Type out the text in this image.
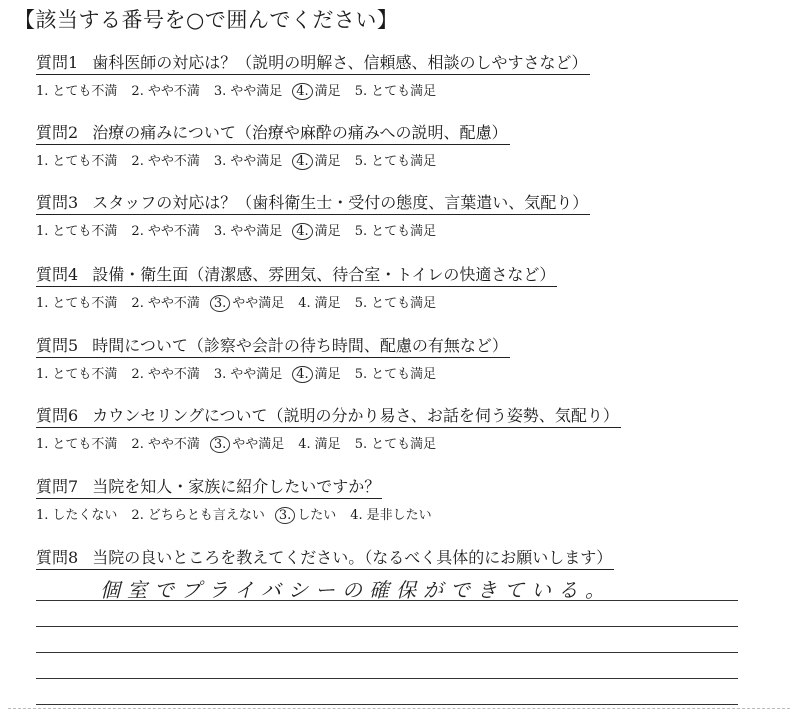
【該当する番号を○で囲んでください】
質問1 歯科医師の対応は？（説明の明解さ、信頼感、相談のしやすさなど）
1. とても不満 2. やや不満 3. やや満足 4. 満足 5. とても満足
質問2 治療の痛みについて（治療や麻酔の痛みへの説明、配慮）
1. とても不満 2. やや不満 3. やや満足 4. 満足 5. とても満足
質問3 スタッフの対応は？（歯科衛生士・受付の態度、言葉遣い、気配り）
1. とても不満 2. やや不満 3. やや満足 4. 満足 5. とても満足
質問4 設備・衛生面（清潔感、雰囲気、待合室・トイレの快適さなど）
1. とても不満 2. やや不満 3. やや満足 4. 満足 5. とても満足
質問5 時間について（診察や会計の待ち時間、配慮の有無など）
1. とても不満 2. やや不満 3. やや満足 4. 満足 5. とても満足
質問6 カウンセリングについて（説明の分かり易さ、お話を伺う姿勢、気配り）
1. とても不満 2. やや不満 3. やや満足 4. 満足 5. とても満足
質問7 当院を知人・家族に紹介したいですか？
1. したくない 2. どちらとも言えない 3. したい 4. 是非したい
質問8 当院の良いところを教えてください。（なるべく具体的にお願いします）
個室でプライバシーの確保ができている。
